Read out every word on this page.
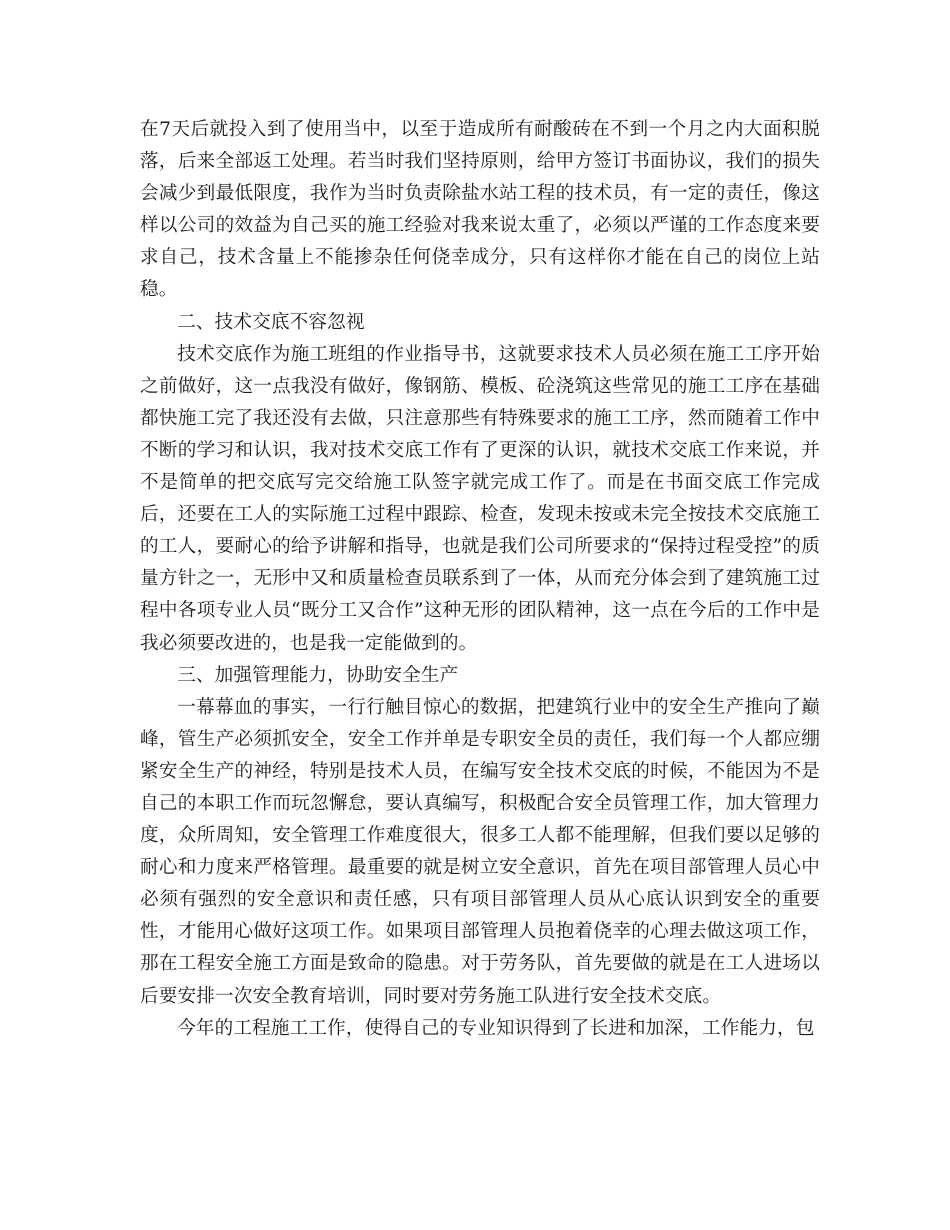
在7天后就投入到了使用当中，以至于造成所有耐酸砖在不到一个月之内大面积脱落，后来全部返工处理。若当时我们坚持原则，给甲方签订书面协议，我们的损失会减少到最低限度，我作为当时负责除盐水站工程的技术员，有一定的责任，像这样以公司的效益为自己买的施工经验对我来说太重了，必须以严谨的工作态度来要求自己，技术含量上不能掺杂任何侥幸成分，只有这样你才能在自己的岗位上站稳。

二、技术交底不容忽视

技术交底作为施工班组的作业指导书，这就要求技术人员必须在施工工序开始之前做好，这一点我没有做好，像钢筋、模板、砼浇筑这些常见的施工工序在基础都快施工完了我还没有去做，只注意那些有特殊要求的施工工序，然而随着工作中不断的学习和认识，我对技术交底工作有了更深的认识，就技术交底工作来说，并不是简单的把交底写完交给施工队签字就完成工作了。而是在书面交底工作完成后，还要在工人的实际施工过程中跟踪、检查，发现未按或未完全按技术交底施工的工人，要耐心的给予讲解和指导，也就是我们公司所要求的“保持过程受控”的质量方针之一，无形中又和质量检查员联系到了一体，从而充分体会到了建筑施工过程中各项专业人员“既分工又合作”这种无形的团队精神，这一点在今后的工作中是我必须要改进的，也是我一定能做到的。

三、加强管理能力，协助安全生产

一幕幕血的事实，一行行触目惊心的数据，把建筑行业中的安全生产推向了巅峰，管生产必须抓安全，安全工作并单是专职安全员的责任，我们每一个人都应绷紧安全生产的神经，特别是技术人员，在编写安全技术交底的时候，不能因为不是自己的本职工作而玩忽懈怠，要认真编写，积极配合安全员管理工作，加大管理力度，众所周知，安全管理工作难度很大，很多工人都不能理解，但我们要以足够的耐心和力度来严格管理。最重要的就是树立安全意识，首先在项目部管理人员心中必须有强烈的安全意识和责任感，只有项目部管理人员从心底认识到安全的重要性，才能用心做好这项工作。如果项目部管理人员抱着侥幸的心理去做这项工作，那在工程安全施工方面是致命的隐患。对于劳务队，首先要做的就是在工人进场以后要安排一次安全教育培训，同时要对劳务施工队进行安全技术交底。

今年的工程施工工作，使得自己的专业知识得到了长进和加深，工作能力，包
